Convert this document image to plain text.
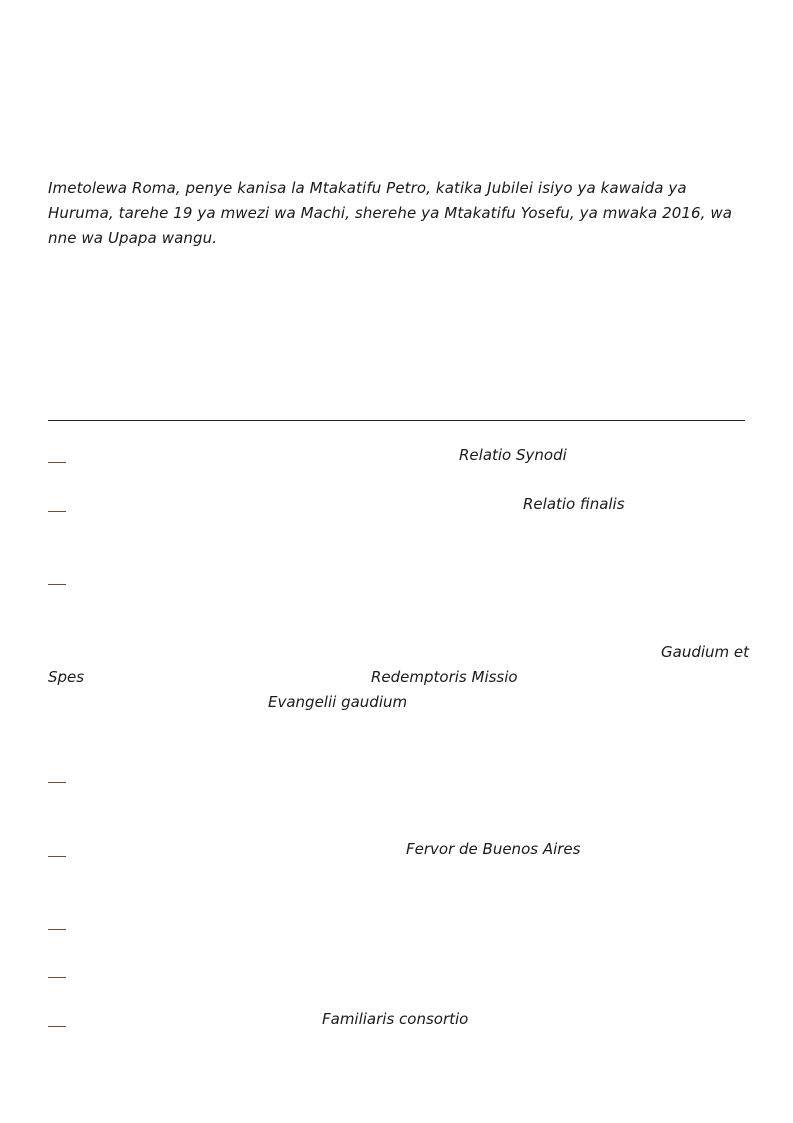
Imetolewa Roma, penye kanisa la Mtakatifu Petro, katika Jubilei isiyo ya kawaida ya Huruma, tarehe 19 ya mwezi wa Machi, sherehe ya Mtakatifu Yosefu, ya mwaka 2016, wa nne wa Upapa wangu.

Relatio Synodi
Relatio finalis
Gaudium et
Spes	Redemptoris Missio
Evangelii gaudium
Fervor de Buenos Aires
Familiaris consortio
